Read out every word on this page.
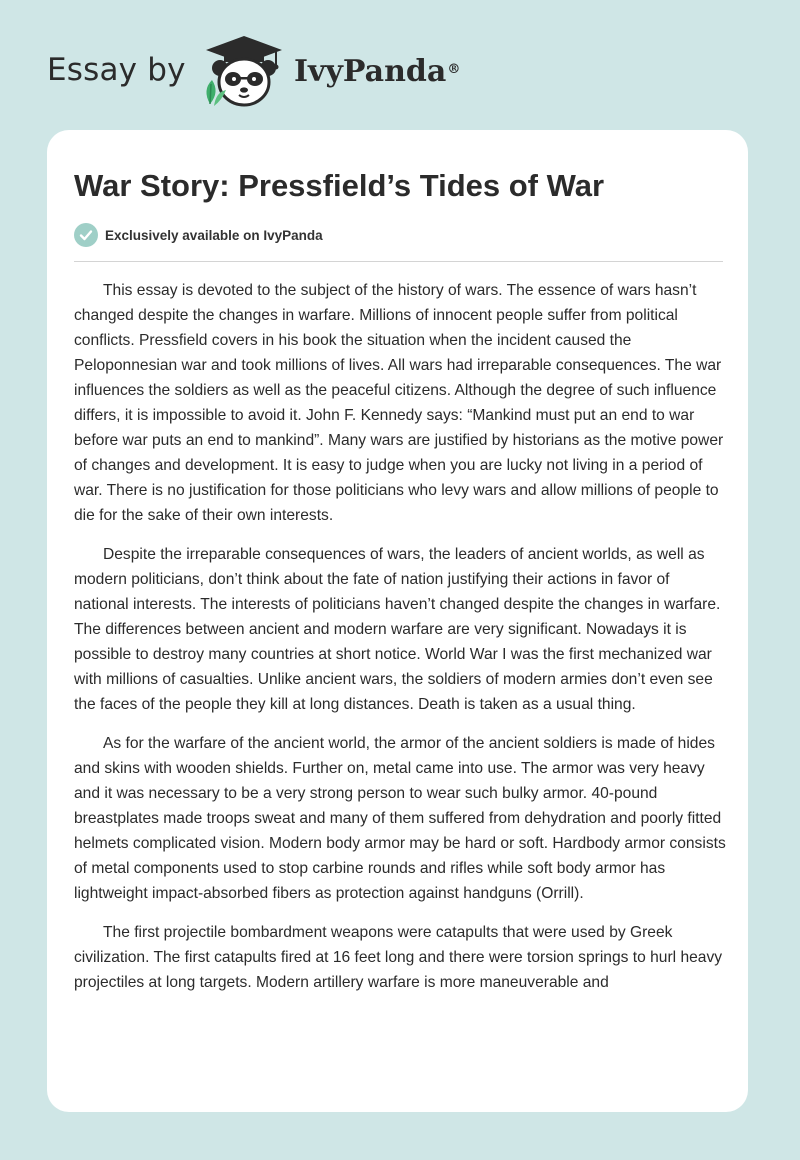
Essay by	IvyPanda®
War Story: Pressfield’s Tides of War
Exclusively available on IvyPanda

This essay is devoted to the subject of the history of wars. The essence of wars hasn’t changed despite the changes in warfare. Millions of innocent people suffer from political conflicts. Pressfield covers in his book the situation when the incident caused the Peloponnesian war and took millions of lives. All wars had irreparable consequences. The war influences the soldiers as well as the peaceful citizens. Although the degree of such influence differs, it is impossible to avoid it. John F. Kennedy says: “Mankind must put an end to war before war puts an end to mankind”. Many wars are justified by historians as the motive power of changes and development. It is easy to judge when you are lucky not living in a period of war. There is no justification for those politicians who levy wars and allow millions of people to die for the sake of their own interests.

Despite the irreparable consequences of wars, the leaders of ancient worlds, as well as modern politicians, don’t think about the fate of nation justifying their actions in favor of national interests. The interests of politicians haven’t changed despite the changes in warfare. The differences between ancient and modern warfare are very significant. Nowadays it is possible to destroy many countries at short notice. World War I was the first mechanized war with millions of casualties. Unlike ancient wars, the soldiers of modern armies don’t even see the faces of the people they kill at long distances. Death is taken as a usual thing.

As for the warfare of the ancient world, the armor of the ancient soldiers is made of hides and skins with wooden shields. Further on, metal came into use. The armor was very heavy and it was necessary to be a very strong person to wear such bulky armor. 40-pound breastplates made troops sweat and many of them suffered from dehydration and poorly fitted helmets complicated vision. Modern body armor may be hard or soft. Hardbody armor consists of metal components used to stop carbine rounds and rifles while soft body armor has lightweight impact-absorbed fibers as protection against handguns (Orrill).

The first projectile bombardment weapons were catapults that were used by Greek civilization. The first catapults fired at 16 feet long and there were torsion springs to hurl heavy projectiles at long targets. Modern artillery warfare is more maneuverable and
